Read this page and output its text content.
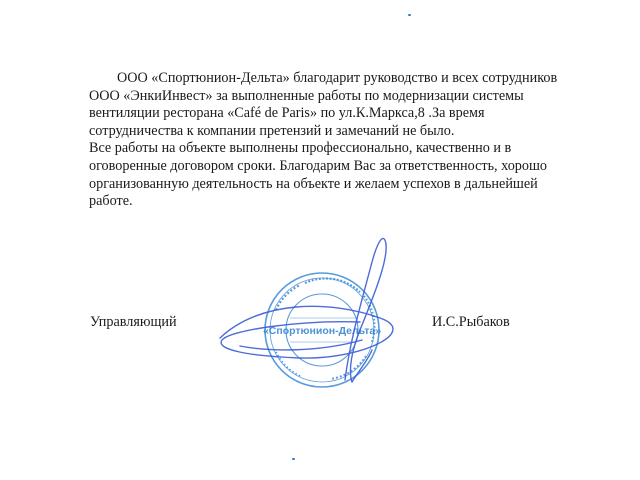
ООО «Спортюнион-Дельта» благодарит руководство и всех сотрудников ООО «ЭнкиИнвест» за выполненные работы по модернизации системы вентиляции ресторана «Café de Paris» по ул.К.Маркса,8 .За время сотрудничества к компании претензий и замечаний не было.

Все работы на объекте выполнены профессионально, качественно и в оговоренные договором сроки. Благодарим Вас за ответственность, хорошо организованную деятельность на объекте и желаем успехов в дальнейшей работе.

Управляющий	И.С.Рыбаков
«Спортюнион-Дельта»
